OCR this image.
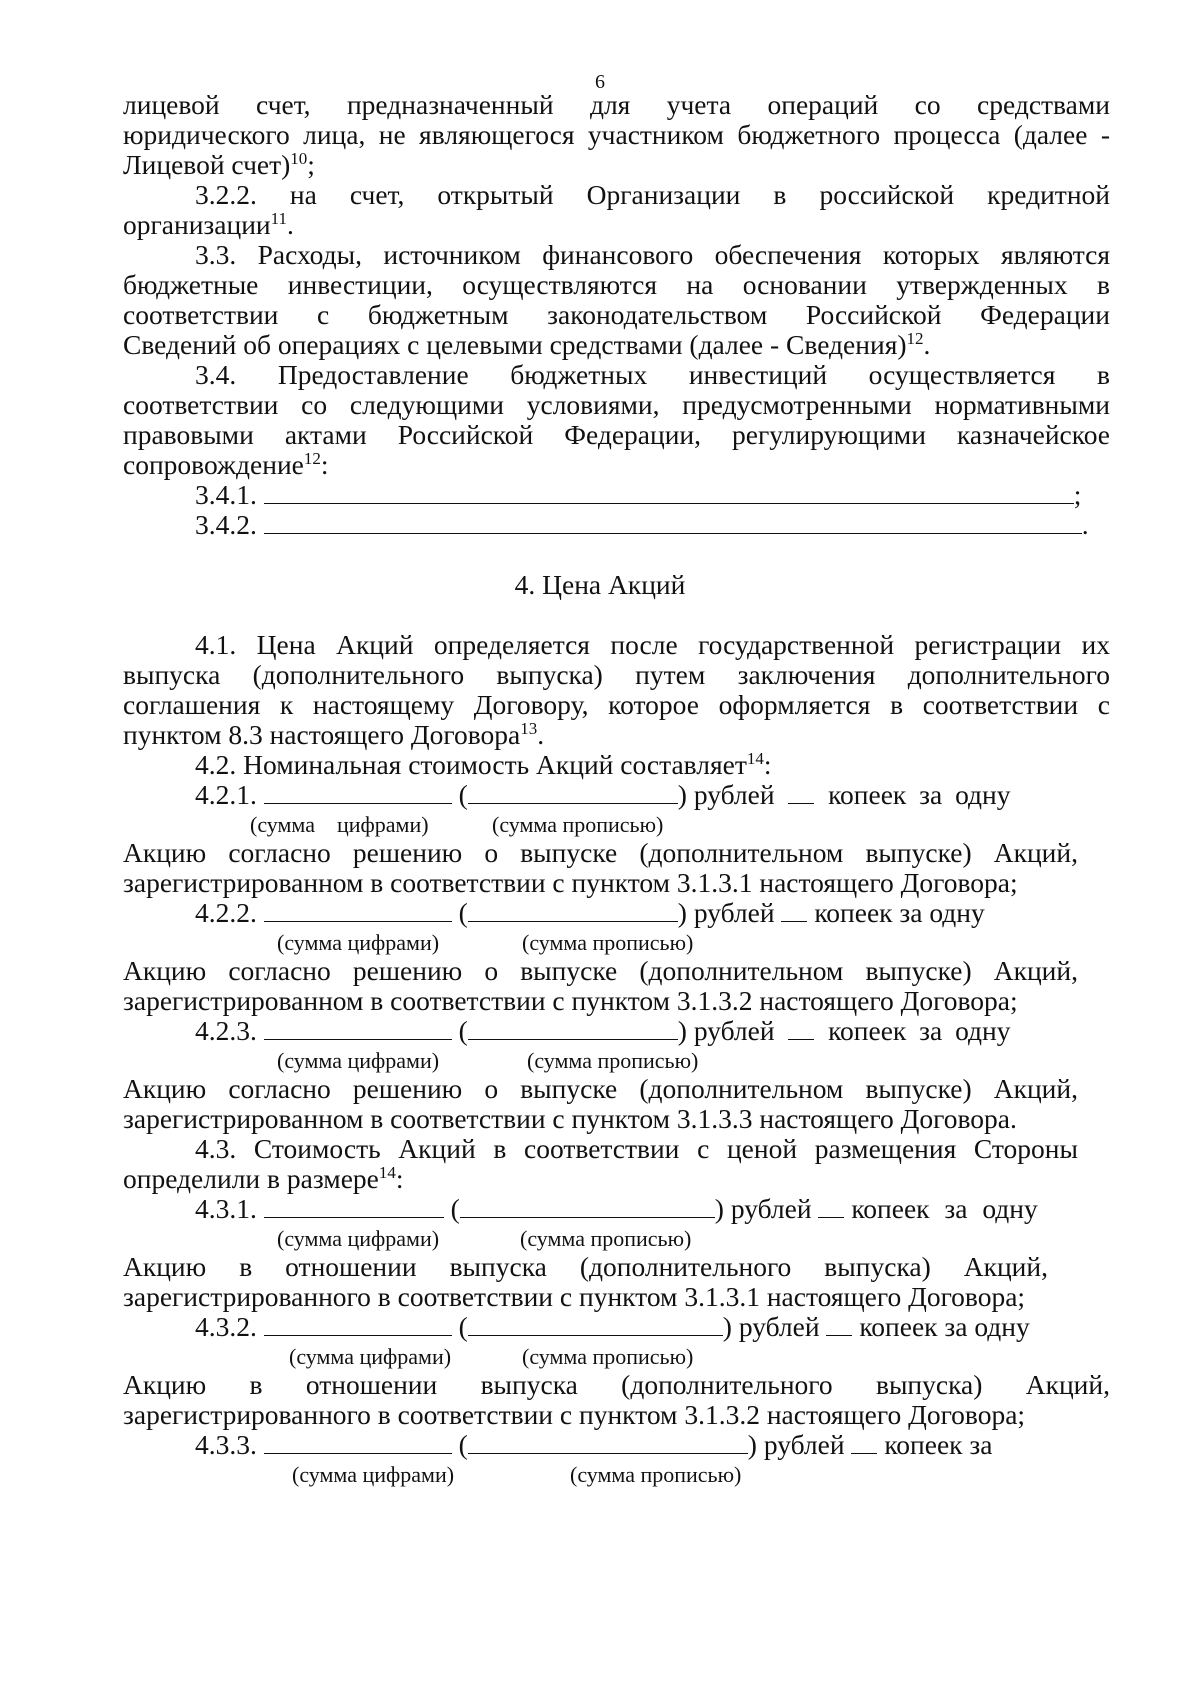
6

лицевой счет, предназначенный для учета операций со средствами

юридического лица, не являющегося участником бюджетного процесса (далее -

Лицевой счет)$^{10}$;

3.2.2. на счет, открытый Организации в российской кредитной

организации$^{11}$.

3.3. Расходы, источником финансового обеспечения которых являются

бюджетные инвестиции, осуществляются на основании утвержденных в

соответствии с бюджетным законодательством Российской Федерации

Сведений об операциях с целевыми средствами (далее - Сведения)$^{12}$.

3.4. Предоставление бюджетных инвестиций осуществляется в

соответствии со следующими условиями, предусмотренными нормативными

правовыми актами Российской Федерации, регулирующими казначейское

сопровождение$^{12}$:

3.4.1.	;

3.4.2.	.

4. Цена Акций

4.1. Цена Акций определяется после государственной регистрации их

выпуска (дополнительного выпуска) путем заключения дополнительного

соглашения к настоящему Договору, которое оформляется в соответствии с

пунктом 8.3 настоящего Договора$^{13}$.

4.2. Номинальная стоимость Акций составляет$^{14}$:

4.2.1.	(	) рублей копеек за одну

(сумма цифрами)	(сумма прописью)

Акцию согласно решению о выпуске (дополнительном выпуске) Акций,

зарегистрированном в соответствии с пунктом 3.1.3.1 настоящего Договора;

4.2.2.	(	) рублей копеек за одну

(сумма цифрами)	(сумма прописью)

Акцию согласно решению о выпуске (дополнительном выпуске) Акций,

зарегистрированном в соответствии с пунктом 3.1.3.2 настоящего Договора;

4.2.3.	(	) рублей копеек за одну

(сумма цифрами)	(сумма прописью)

Акцию согласно решению о выпуске (дополнительном выпуске) Акций,

зарегистрированном в соответствии с пунктом 3.1.3.3 настоящего Договора.

4.3. Стоимость Акций в соответствии с ценой размещения Стороны

определили в размере$^{14}$:

4.3.1.	(	) рублей копеек за одну

(сумма цифрами)	(сумма прописью)

Акцию в отношении выпуска (дополнительного выпуска) Акций,

зарегистрированного в соответствии с пунктом 3.1.3.1 настоящего Договора;

4.3.2.	(	) рублей копеек за одну

(сумма цифрами)	(сумма прописью)

Акцию в отношении выпуска (дополнительного выпуска) Акций,

зарегистрированного в соответствии с пунктом 3.1.3.2 настоящего Договора;

4.3.3.	(	) рублей копеек за

(сумма цифрами)	(сумма прописью)
